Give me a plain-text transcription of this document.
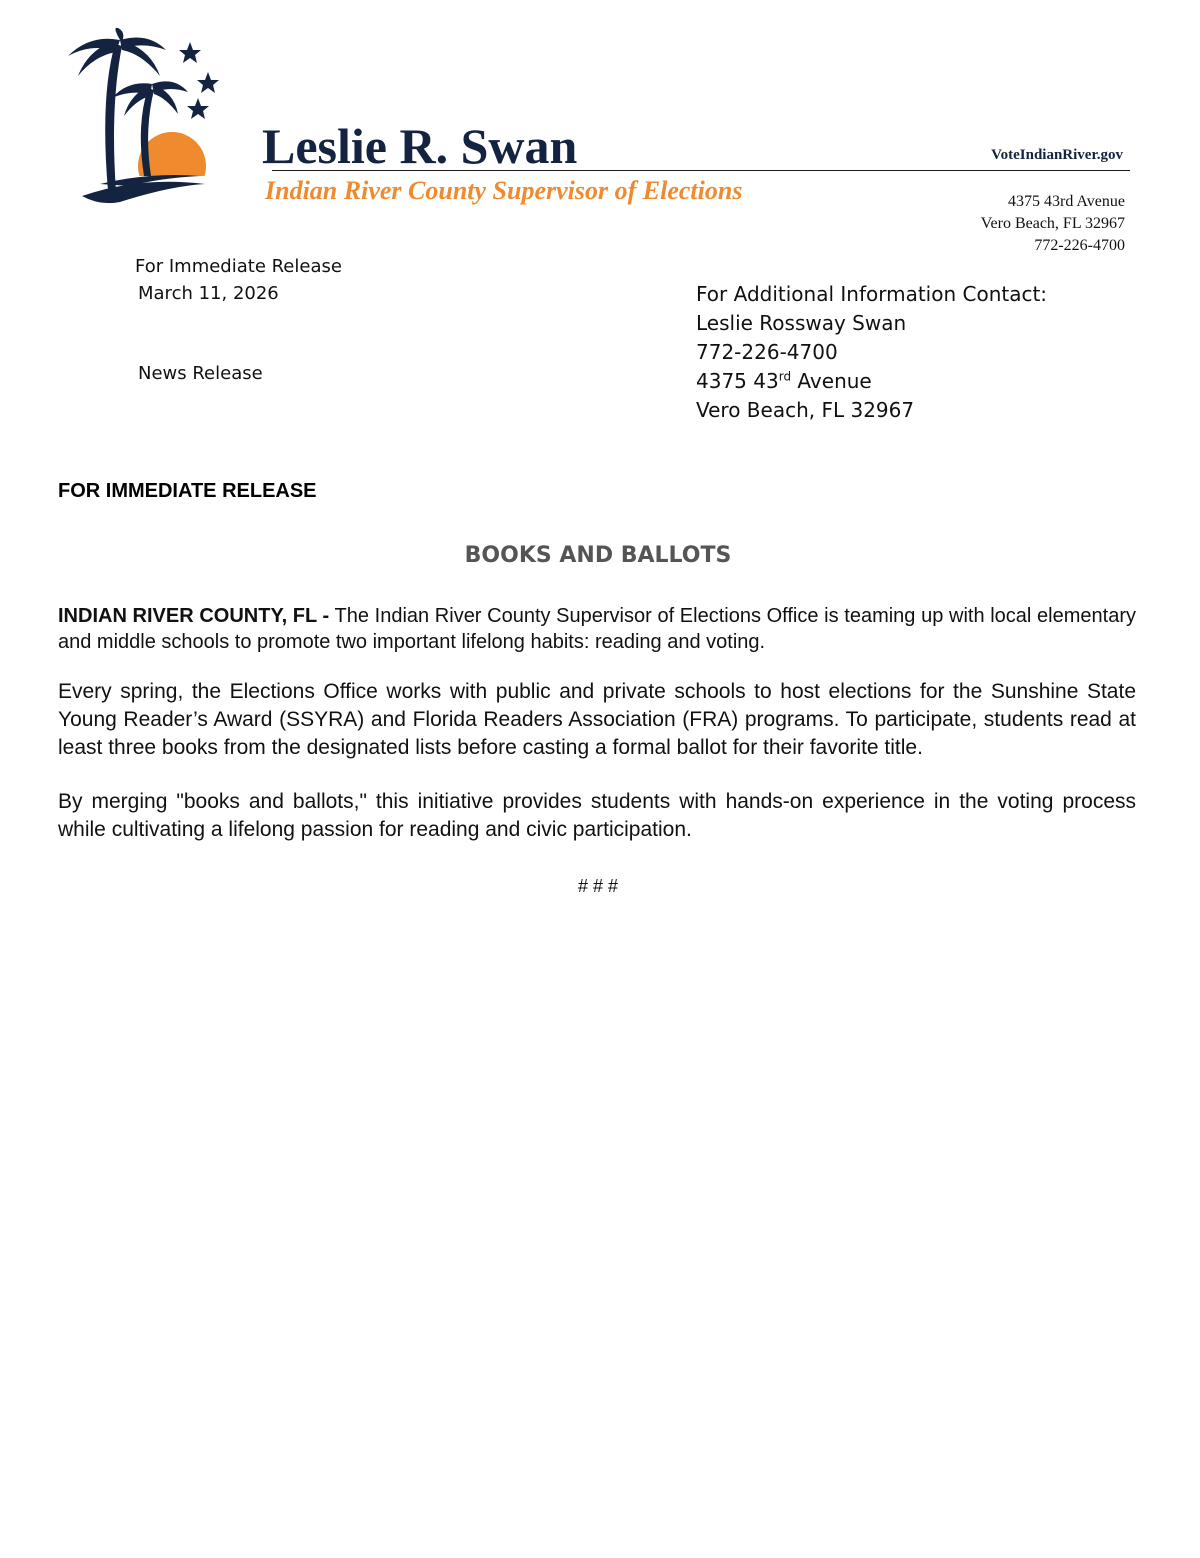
Leslie R. Swan	VoteIndianRiver.gov
Indian River County Supervisor of Elections	4375 43rd Avenue
Vero Beach, FL 32967
772-226-4700
For Immediate Release
March 11, 2026
News Release
For Additional Information Contact:
Leslie Rossway Swan
772-226-4700
4375 43rd Avenue
Vero Beach, FL 32967
FOR IMMEDIATE RELEASE
BOOKS AND BALLOTS
INDIAN RIVER COUNTY, FL - The Indian River County Supervisor of Elections Office is teaming up with local elementary and middle schools to promote two important lifelong habits: reading and voting.
Every spring, the Elections Office works with public and private schools to host elections for the Sunshine State Young Reader’s Award (SSYRA) and Florida Readers Association (FRA) programs. To participate, students read at least three books from the designated lists before casting a formal ballot for their favorite title.
By merging "books and ballots," this initiative provides students with hands-on experience in the voting process while cultivating a lifelong passion for reading and civic participation.
# # #
